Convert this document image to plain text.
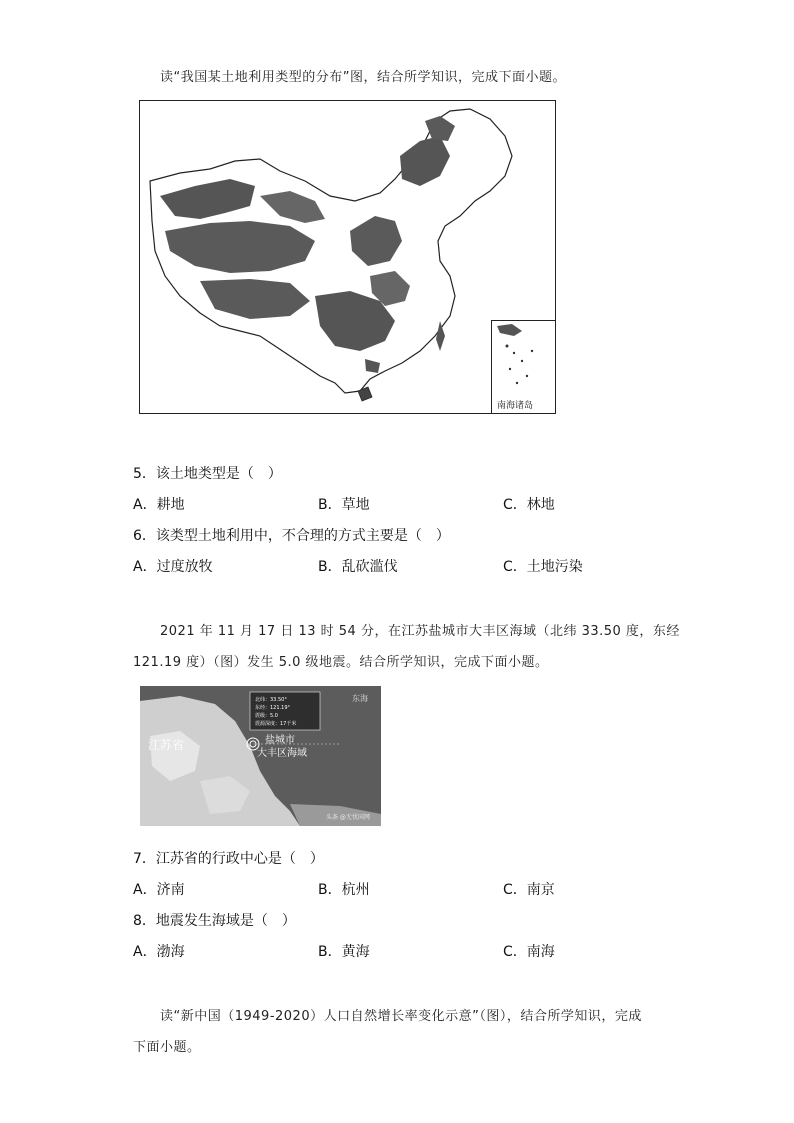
读“我国某土地利用类型的分布”图，结合所学知识，完成下面小题。
南海诸岛
5．该土地类型是（　）
A．耕地	B．草地	C．林地
6．该类型土地利用中，不合理的方式主要是（　）
A．过度放牧	B．乱砍滥伐	C．土地污染
2021 年 11 月 17 日 13 时 54 分，在江苏盐城市大丰区海域（北纬 33.50 度，东经
121.19 度）（图）发生 5.0 级地震。结合所学知识，完成下面小题。
江苏省	盐城市
大丰区海域
北纬：33.50°
东经：121.19°
震级：5.0
震源深度：17千米
东海
头条 @无忧国网
7．江苏省的行政中心是（　）
A．济南	B．杭州	C．南京
8．地震发生海域是（　）
A．渤海	B．黄海	C．南海
读“新中国（1949-2020）人口自然增长率变化示意”（图），结合所学知识，完成
下面小题。
